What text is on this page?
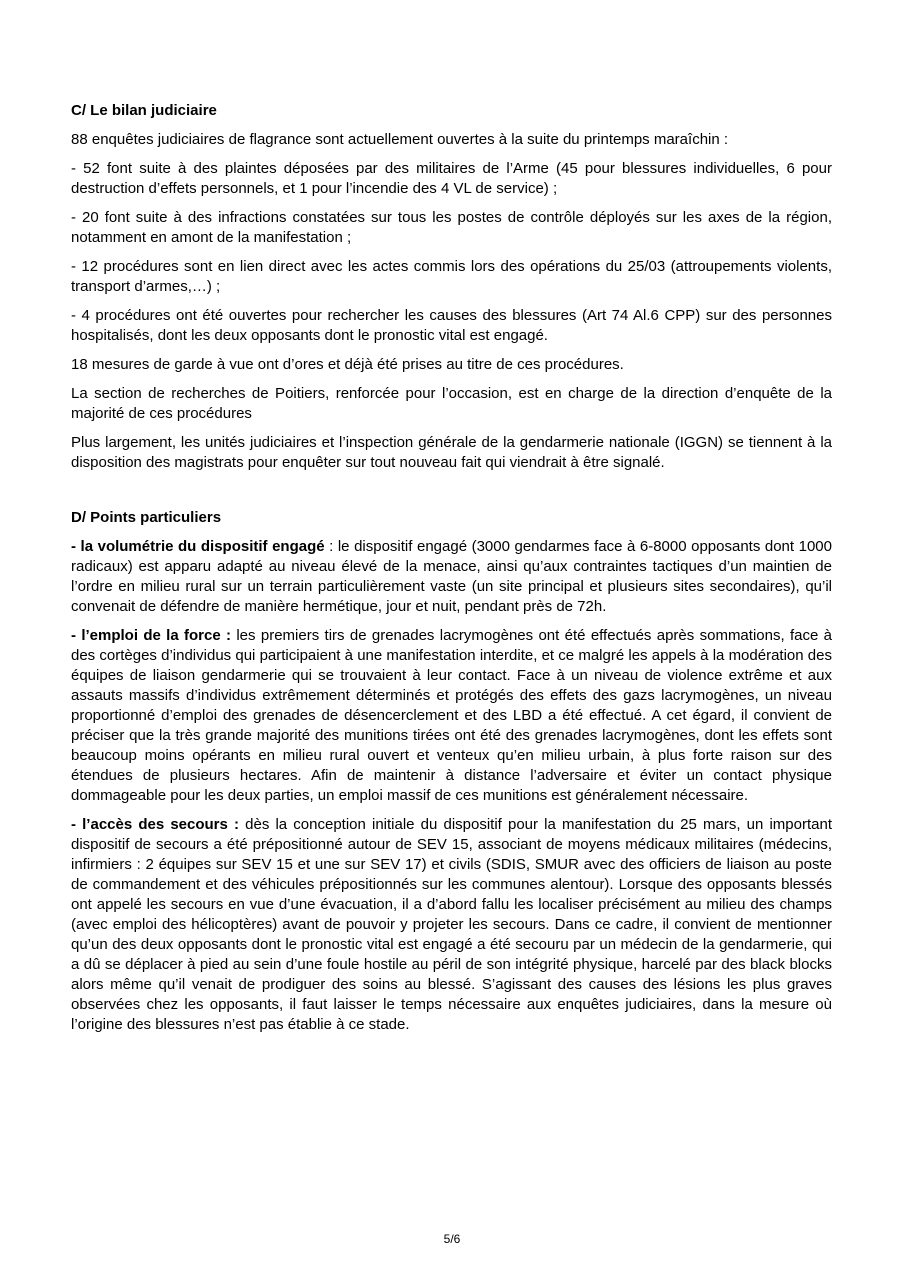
C/ Le bilan judiciaire

88 enquêtes judiciaires de flagrance sont actuellement ouvertes à la suite du printemps maraîchin :

- 52 font suite à des plaintes déposées par des militaires de l’Arme (45 pour blessures individuelles, 6 pour destruction d’effets personnels, et 1 pour l’incendie des 4 VL de service) ;

- 20 font suite à des infractions constatées sur tous les postes de contrôle déployés sur les axes de la région, notamment en amont de la manifestation ;

- 12 procédures sont en lien direct avec les actes commis lors des opérations du 25/03 (attroupements violents, transport d’armes,…) ;

- 4 procédures ont été ouvertes pour rechercher les causes des blessures (Art 74 Al.6 CPP) sur des personnes hospitalisés, dont les deux opposants dont le pronostic vital est engagé.

18 mesures de garde à vue ont d’ores et déjà été prises au titre de ces procédures.

La section de recherches de Poitiers, renforcée pour l’occasion, est en charge de la direction d’enquête de la majorité de ces procédures

Plus largement, les unités judiciaires et l’inspection générale de la gendarmerie nationale (IGGN) se tiennent à la disposition des magistrats pour enquêter sur tout nouveau fait qui viendrait à être signalé.

D/ Points particuliers

- la volumétrie du dispositif engagé : le dispositif engagé (3000 gendarmes face à 6-8000 opposants dont 1000 radicaux) est apparu adapté au niveau élevé de la menace, ainsi qu’aux contraintes tactiques d’un maintien de l’ordre en milieu rural sur un terrain particulièrement vaste (un site principal et plusieurs sites secondaires), qu’il convenait de défendre de manière hermétique, jour et nuit, pendant près de 72h.

- l’emploi de la force : les premiers tirs de grenades lacrymogènes ont été effectués après sommations, face à des cortèges d’individus qui participaient à une manifestation interdite, et ce malgré les appels à la modération des équipes de liaison gendarmerie qui se trouvaient à leur contact. Face à un niveau de violence extrême et aux assauts massifs d’individus extrêmement déterminés et protégés des effets des gazs lacrymogènes, un niveau proportionné d’emploi des grenades de désencerclement et des LBD a été effectué. A cet égard, il convient de préciser que la très grande majorité des munitions tirées ont été des grenades lacrymogènes, dont les effets sont beaucoup moins opérants en milieu rural ouvert et venteux qu’en milieu urbain, à plus forte raison sur des étendues de plusieurs hectares. Afin de maintenir à distance l’adversaire et éviter un contact physique dommageable pour les deux parties, un emploi massif de ces munitions est généralement nécessaire.

- l’accès des secours : dès la conception initiale du dispositif pour la manifestation du 25 mars, un important dispositif de secours a été prépositionné autour de SEV 15, associant de moyens médicaux militaires (médecins, infirmiers : 2 équipes sur SEV 15 et une sur SEV 17) et civils (SDIS, SMUR avec des officiers de liaison au poste de commandement et des véhicules prépositionnés sur les communes alentour). Lorsque des opposants blessés ont appelé les secours en vue d’une évacuation, il a d’abord fallu les localiser précisément au milieu des champs (avec emploi des hélicoptères) avant de pouvoir y projeter les secours. Dans ce cadre, il convient de mentionner qu’un des deux opposants dont le pronostic vital est engagé a été secouru par un médecin de la gendarmerie, qui a dû se déplacer à pied au sein d’une foule hostile au péril de son intégrité physique, harcelé par des black blocks alors même qu’il venait de prodiguer des soins au blessé. S’agissant des causes des lésions les plus graves observées chez les opposants, il faut laisser le temps nécessaire aux enquêtes judiciaires, dans la mesure où l’origine des blessures n’est pas établie à ce stade.

5/6
